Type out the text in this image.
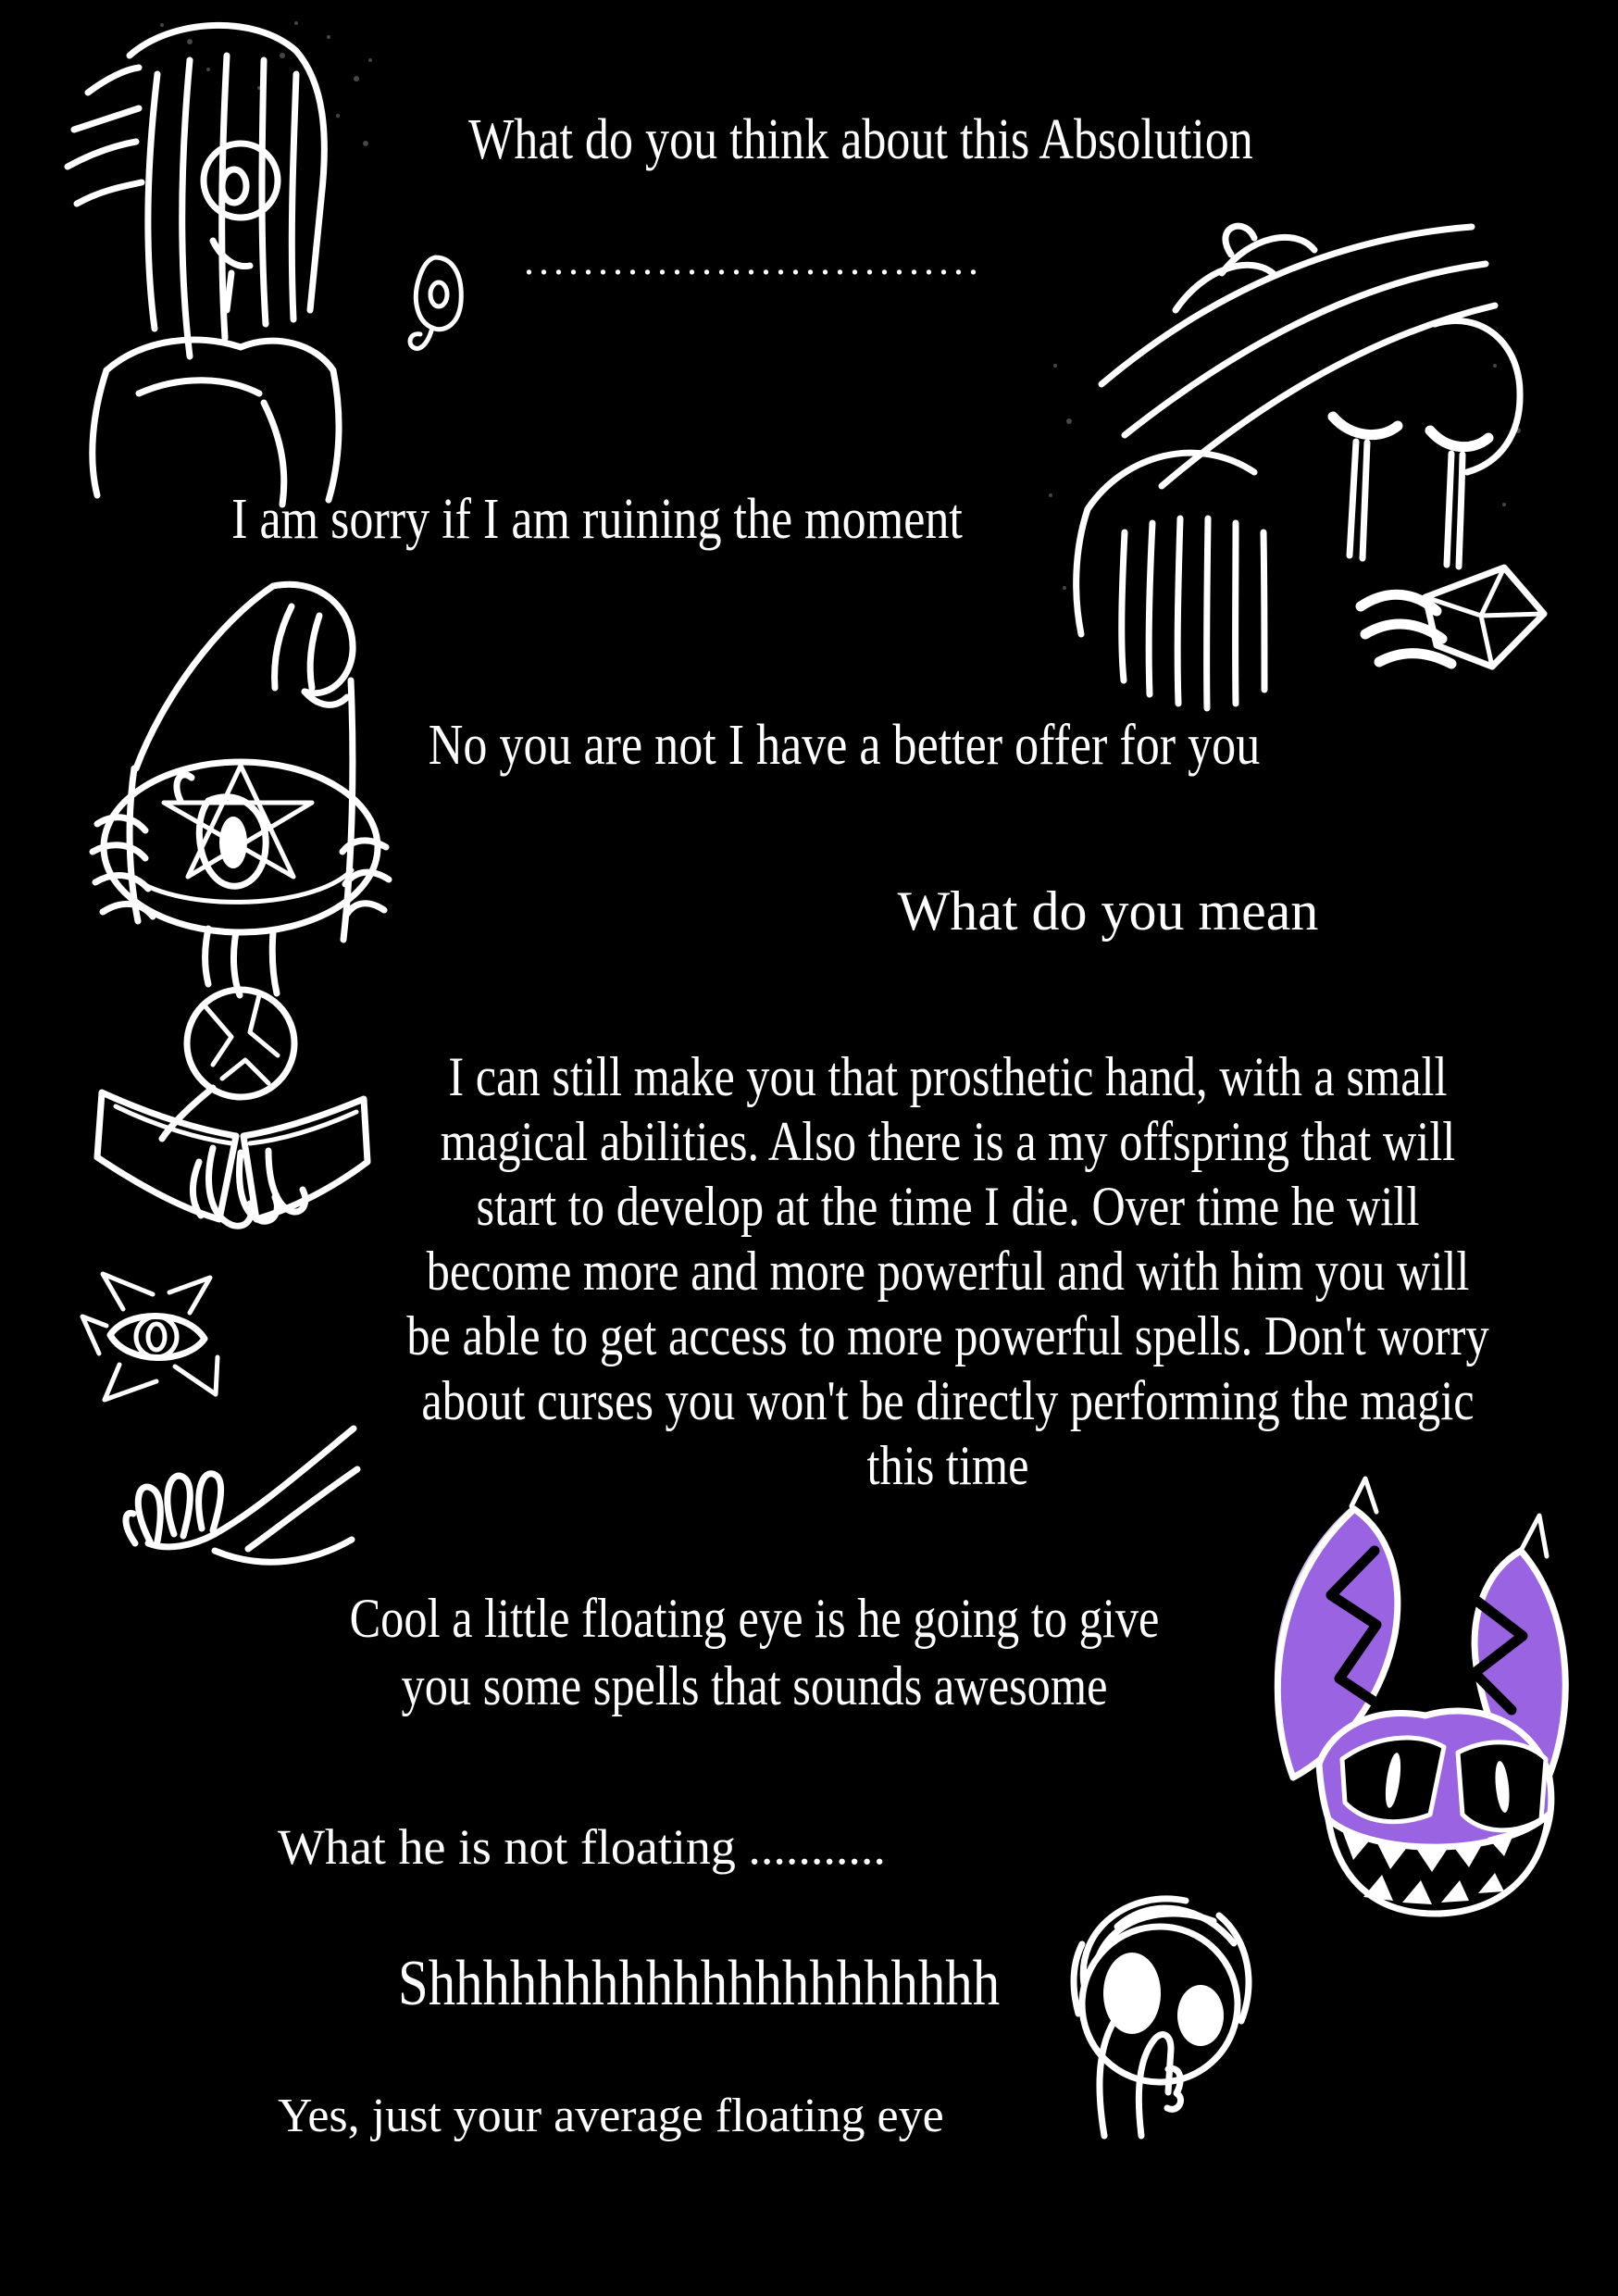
What do you think about this Absolution
...............................
I am sorry if I am ruining the moment
No you are not I have a better offer for you
What do you mean
I can still make you that prosthetic hand, with a small
magical abilities. Also there is a my offspring that will
start to develop at the time I die. Over time he will
become more and more powerful and with him you will
be able to get access to more powerful spells. Don't worry
about curses you won't be directly performing the magic
this time
Cool a little floating eye is he going to give
you some spells that sounds awesome
What he is not floating ...........
Shhhhhhhhhhhhhhhhhhhhh
Yes, just your average floating eye
